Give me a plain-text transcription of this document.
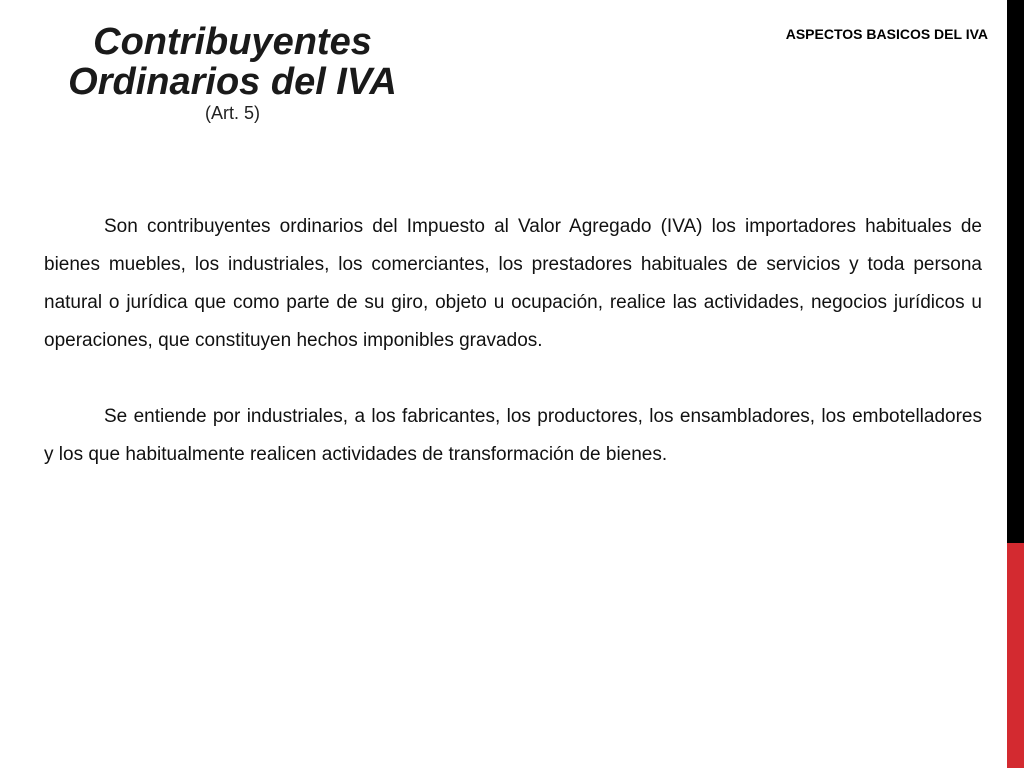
Contribuyentes
Ordinarios del IVA
(Art. 5)
ASPECTOS BASICOS DEL IVA

Son contribuyentes ordinarios del Impuesto al Valor Agregado (IVA) los importadores habituales de bienes muebles, los industriales, los comerciantes, los prestadores habituales de servicios y toda persona natural o jurídica que como parte de su giro, objeto u ocupación, realice las actividades, negocios jurídicos u operaciones, que constituyen hechos imponibles gravados.

Se entiende por industriales, a los fabricantes, los productores, los ensambladores, los embotelladores y los que habitualmente realicen actividades de transformación de bienes.
